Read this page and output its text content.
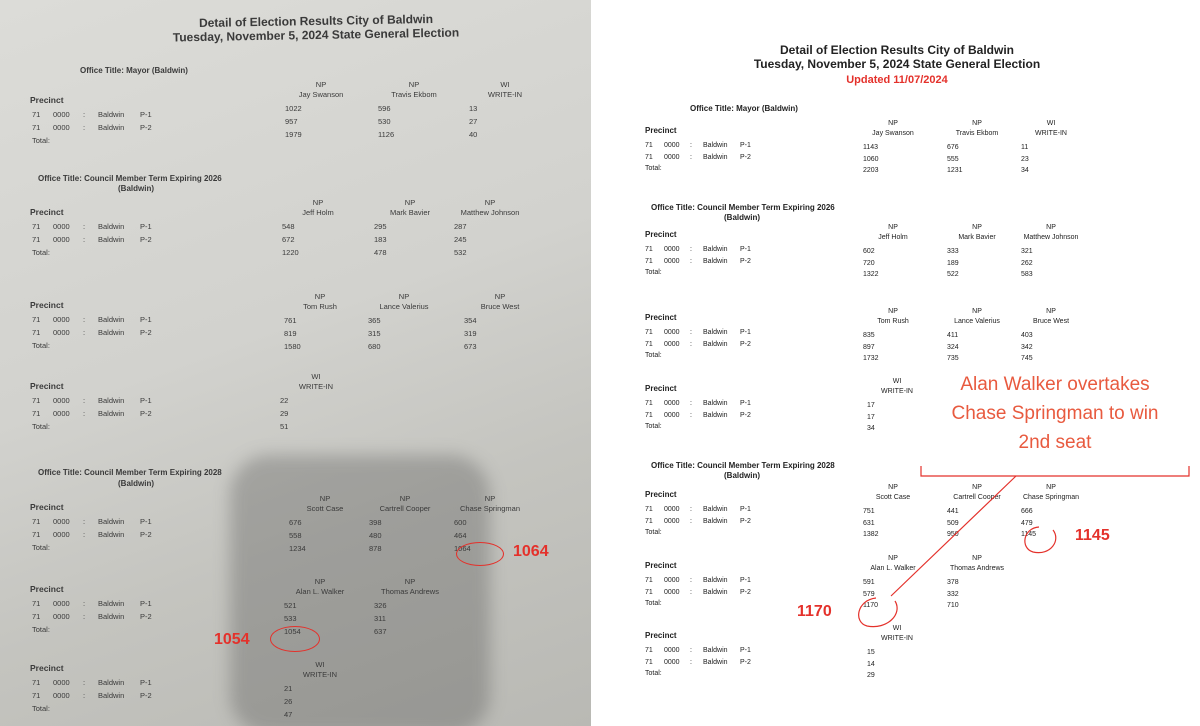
Detail of Election Results City of Baldwin
Tuesday, November 5, 2024 State General Election
Office Title: Mayor (Baldwin)
Precinct
71 0000 : Baldwin P-1
71 0000 : Baldwin P-2
Total:
NP
Jay Swanson
1022
957
1979
NP
Travis Ekbom
596
530
1126
WI
WRITE-IN
13
27
40
Office Title: Council Member Term Expiring 2026
(Baldwin)
Precinct
71 0000 : Baldwin P-1
71 0000 : Baldwin P-2
Total:
NP
Jeff Holm
548
672
1220
NP
Mark Bavier
295
183
478
NP
Matthew Johnson
287
245
532
Precinct
71 0000 : Baldwin P-1
71 0000 : Baldwin P-2
Total:
NP
Tom Rush
761
819
1580
NP
Lance Valerius
365
315
680
NP
Bruce West
354
319
673
Precinct
71 0000 : Baldwin P-1
71 0000 : Baldwin P-2
Total:
WI
WRITE-IN
22
29
51
Office Title: Council Member Term Expiring 2028
(Baldwin)
Precinct
71 0000 : Baldwin P-1
71 0000 : Baldwin P-2
Total:
NP
Scott Case
676
558
1234
NP
Cartrell Cooper
398
480
878
NP
Chase Springman
600
464
1064
Precinct
71 0000 : Baldwin P-1
71 0000 : Baldwin P-2
Total:
NP
Alan L. Walker
521
533
1054
NP
Thomas Andrews
326
311
637
Precinct
71 0000 : Baldwin P-1
71 0000 : Baldwin P-2
Total:
WI
WRITE-IN
21
26
47
1064
1054
Detail of Election Results City of Baldwin
Tuesday, November 5, 2024 State General Election
Updated 11/07/2024
Office Title: Mayor (Baldwin)
Precinct
71 0000 : Baldwin P-1
71 0000 : Baldwin P-2
Total:
NP
Jay Swanson
1143
1060
2203
NP
Travis Ekbom
676
555
1231
WI
WRITE-IN
11
23
34
Office Title: Council Member Term Expiring 2026
(Baldwin)
Precinct
71 0000 : Baldwin P-1
71 0000 : Baldwin P-2
Total:
NP
Jeff Holm
602
720
1322
NP
Mark Bavier
333
189
522
NP
Matthew Johnson
321
262
583
Precinct
71 0000 : Baldwin P-1
71 0000 : Baldwin P-2
Total:
NP
Tom Rush
835
897
1732
NP
Lance Valerius
411
324
735
NP
Bruce West
403
342
745
Precinct
71 0000 : Baldwin P-1
71 0000 : Baldwin P-2
Total:
WI
WRITE-IN
17
17
34
Office Title: Council Member Term Expiring 2028
(Baldwin)
Precinct
71 0000 : Baldwin P-1
71 0000 : Baldwin P-2
Total:
NP
Scott Case
751
631
1382
NP
Cartrell Cooper
441
509
950
NP
Chase Springman
666
479
1145
Precinct
71 0000 : Baldwin P-1
71 0000 : Baldwin P-2
Total:
NP
Alan L. Walker
591
579
1170
NP
Thomas Andrews
378
332
710
Precinct
71 0000 : Baldwin P-1
71 0000 : Baldwin P-2
Total:
WI
WRITE-IN
15
14
29
Alan Walker overtakes
Chase Springman to win
2nd seat
1145
1170
